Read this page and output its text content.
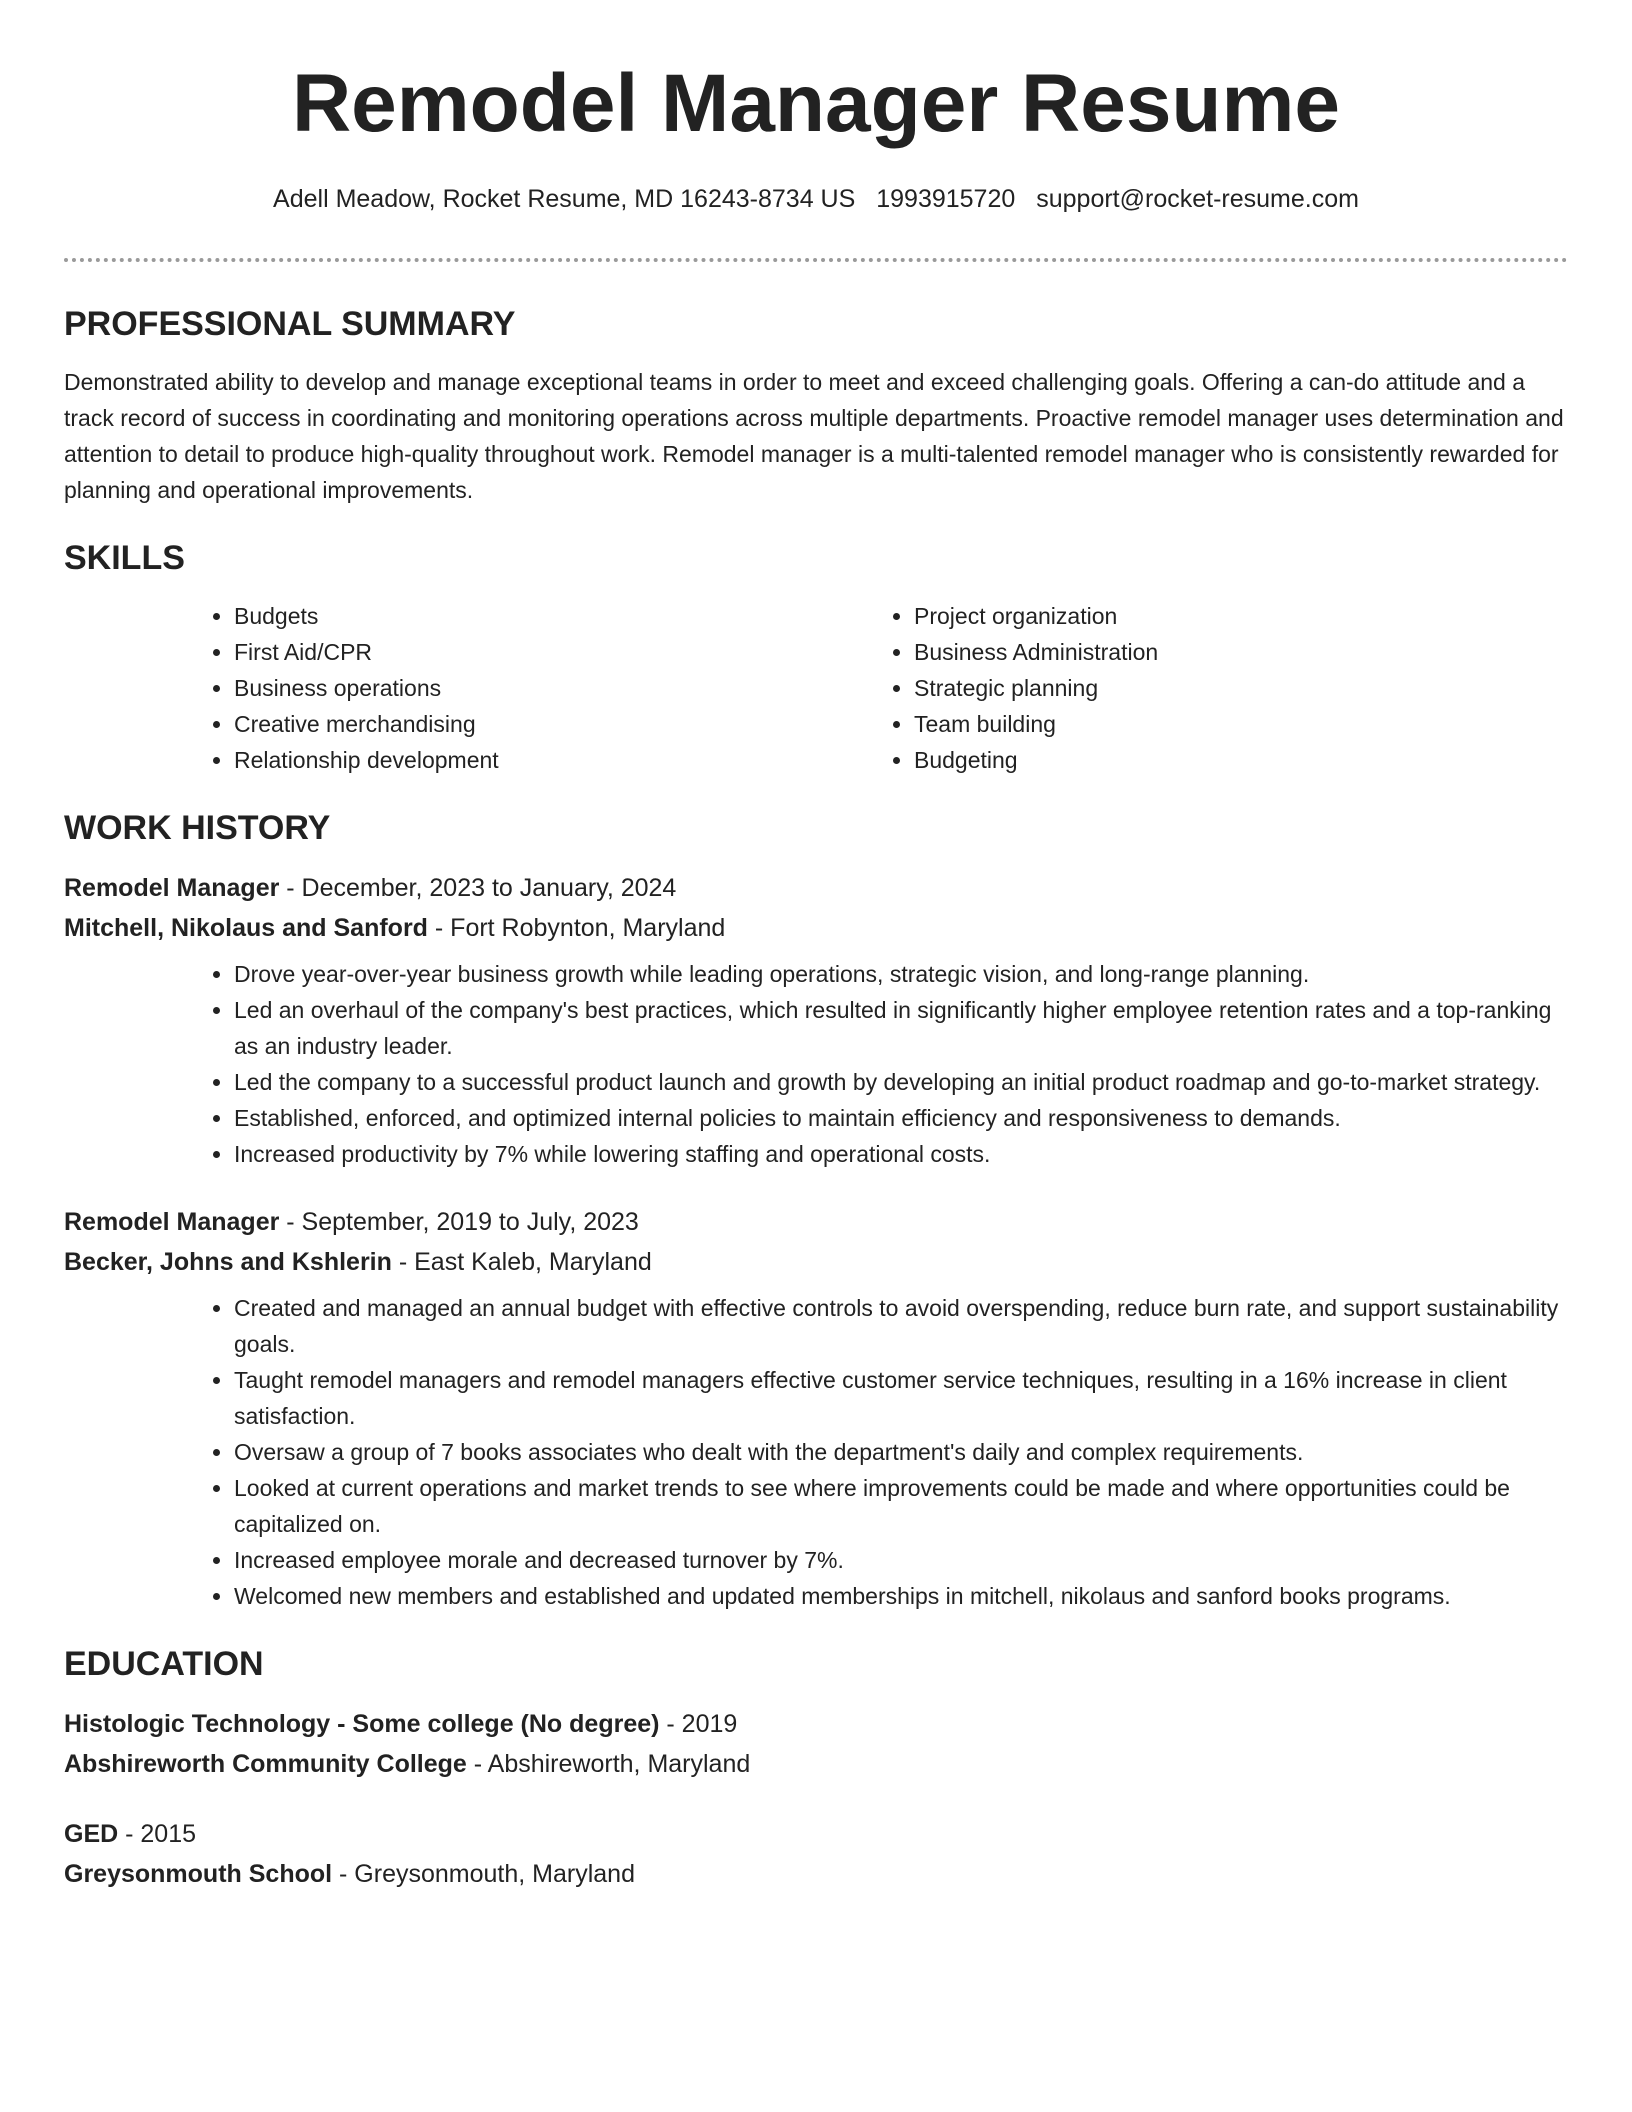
Remodel Manager Resume
Adell Meadow, Rocket Resume, MD 16243-8734 US 1993915720 support@rocket-resume.com
PROFESSIONAL SUMMARY

Demonstrated ability to develop and manage exceptional teams in order to meet and exceed challenging goals. Offering a can-do attitude and a track record of success in coordinating and monitoring operations across multiple departments. Proactive remodel manager uses determination and attention to detail to produce high-quality throughout work. Remodel manager is a multi-talented remodel manager who is consistently rewarded for planning and operational improvements.

SKILLS
• Budgets
• First Aid/CPR
• Business operations
• Creative merchandising
• Relationship development
• Project organization
• Business Administration
• Strategic planning
• Team building
• Budgeting
WORK HISTORY

Remodel Manager - December, 2023 to January, 2024

Mitchell, Nikolaus and Sanford - Fort Robynton, Maryland

• Drove year-over-year business growth while leading operations, strategic vision, and long-range planning.
• Led an overhaul of the company's best practices, which resulted in significantly higher employee retention rates and a top-ranking as an industry leader.
• Led the company to a successful product launch and growth by developing an initial product roadmap and go-to-market strategy.
• Established, enforced, and optimized internal policies to maintain efficiency and responsiveness to demands.
• Increased productivity by 7% while lowering staffing and operational costs.

Remodel Manager - September, 2019 to July, 2023

Becker, Johns and Kshlerin - East Kaleb, Maryland

• Created and managed an annual budget with effective controls to avoid overspending, reduce burn rate, and support sustainability goals.
• Taught remodel managers and remodel managers effective customer service techniques, resulting in a 16% increase in client satisfaction.
• Oversaw a group of 7 books associates who dealt with the department's daily and complex requirements.
• Looked at current operations and market trends to see where improvements could be made and where opportunities could be capitalized on.
• Increased employee morale and decreased turnover by 7%.
• Welcomed new members and established and updated memberships in mitchell, nikolaus and sanford books programs.
EDUCATION

Histologic Technology - Some college (No degree) - 2019

Abshireworth Community College - Abshireworth, Maryland

GED - 2015

Greysonmouth School - Greysonmouth, Maryland
